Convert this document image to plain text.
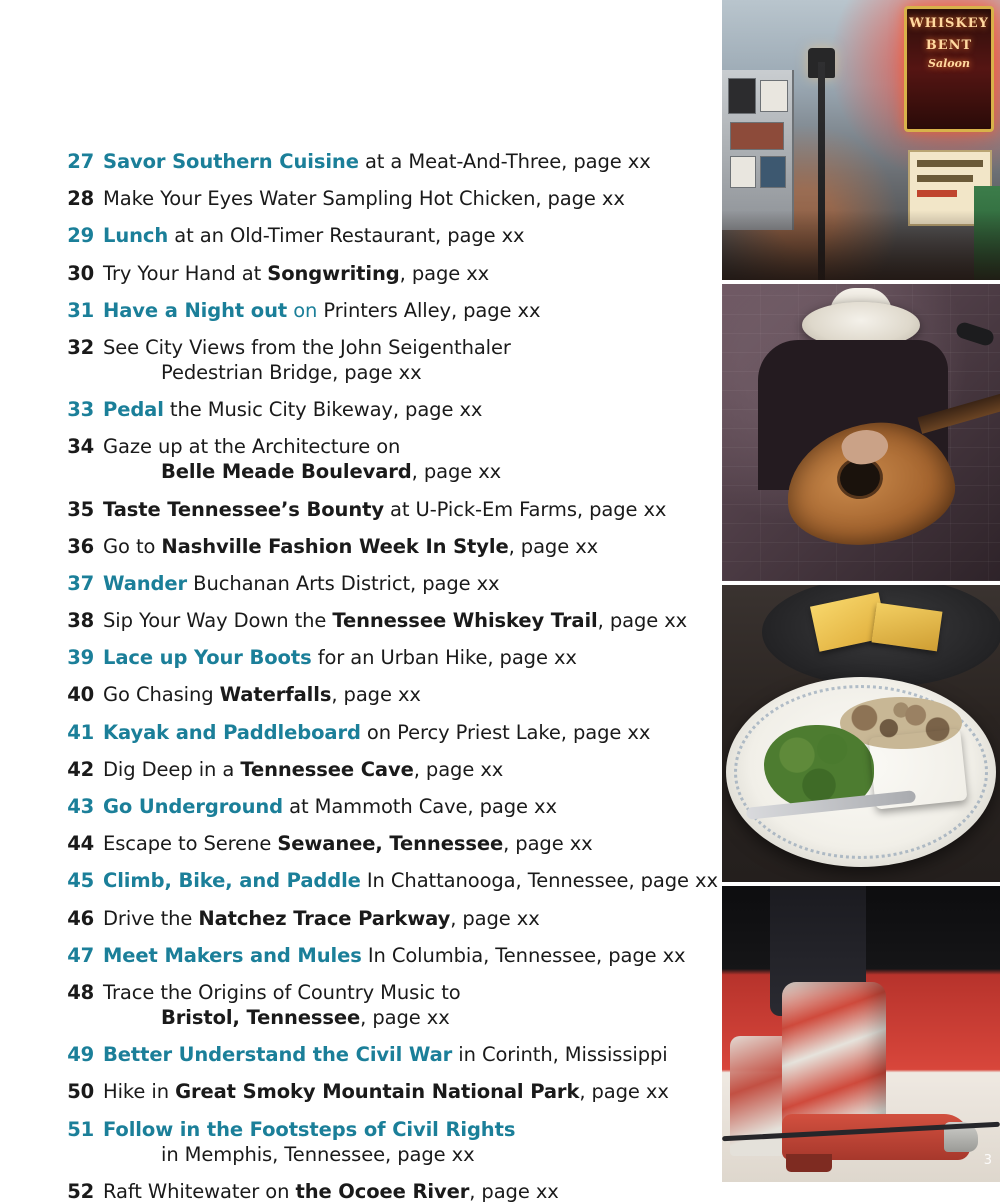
27 Savor Southern Cuisine at a Meat-And-Three, page xx
28 Make Your Eyes Water Sampling Hot Chicken, page xx
29 Lunch at an Old-Timer Restaurant, page xx
30 Try Your Hand at Songwriting, page xx
31 Have a Night out on Printers Alley, page xx
32 See City Views from the John Seigenthaler
Pedestrian Bridge, page xx
33 Pedal the Music City Bikeway, page xx
34 Gaze up at the Architecture on
Belle Meade Boulevard, page xx
35 Taste Tennessee’s Bounty at U-Pick-Em Farms, page xx
36 Go to Nashville Fashion Week In Style, page xx
37 Wander Buchanan Arts District, page xx
38 Sip Your Way Down the Tennessee Whiskey Trail, page xx
39 Lace up Your Boots for an Urban Hike, page xx
40 Go Chasing Waterfalls, page xx
41 Kayak and Paddleboard on Percy Priest Lake, page xx
42 Dig Deep in a Tennessee Cave, page xx
43 Go Underground at Mammoth Cave, page xx
44 Escape to Serene Sewanee, Tennessee, page xx
45 Climb, Bike, and Paddle In Chattanooga, Tennessee, page xx
46 Drive the Natchez Trace Parkway, page xx
47 Meet Makers and Mules In Columbia, Tennessee, page xx
48 Trace the Origins of Country Music to
Bristol, Tennessee, page xx
49 Better Understand the Civil War in Corinth, Mississippi
50 Hike in Great Smoky Mountain National Park, page xx
51 Follow in the Footsteps of Civil Rights
in Memphis, Tennessee, page xx
52 Raft Whitewater on the Ocoee River, page xx
WHISKEY
BENT
Saloon
3
